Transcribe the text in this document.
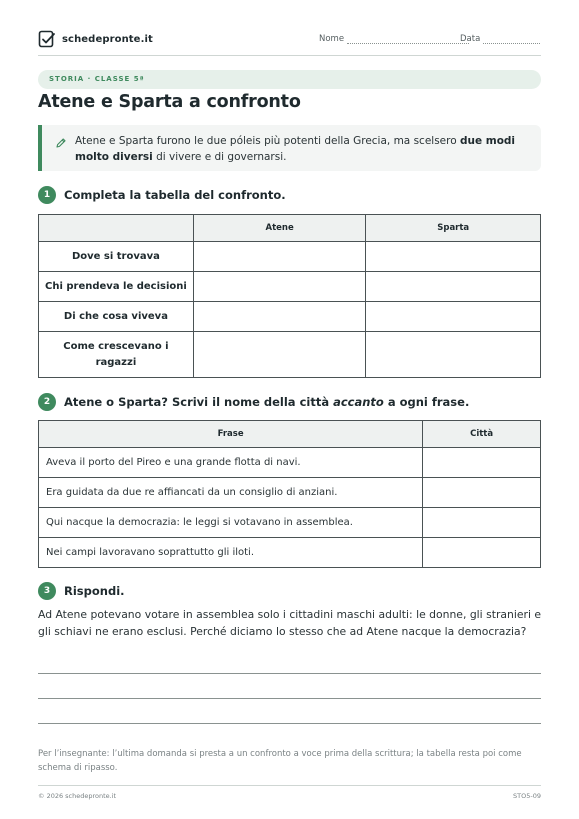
schedepronte.it	Nome	Data
STORIA · CLASSE 5ª
Atene e Sparta a confronto
Atene e Sparta furono le due póleis più potenti della Grecia, ma scelsero due modi molto diversi di vivere e di governarsi.
1	Completa la tabella del confronto.
	Atene	Sparta
Dove si trovava		
Chi prendeva le decisioni		
Di che cosa viveva		
Come crescevano i ragazzi		
2	Atene o Sparta? Scrivi il nome della città accanto a ogni frase.
Frase	Città
Aveva il porto del Pireo e una grande flotta di navi.	
Era guidata da due re affiancati da un consiglio di anziani.	
Qui nacque la democrazia: le leggi si votavano in assemblea.	
Nei campi lavoravano soprattutto gli iloti.	
3	Rispondi.
Ad Atene potevano votare in assemblea solo i cittadini maschi adulti: le donne, gli stranieri e gli schiavi ne erano esclusi. Perché diciamo lo stesso che ad Atene nacque la democrazia?
Per l’insegnante: l’ultima domanda si presta a un confronto a voce prima della scrittura; la tabella resta poi come schema di ripasso.
© 2026 schedepronte.it	STO5-09
